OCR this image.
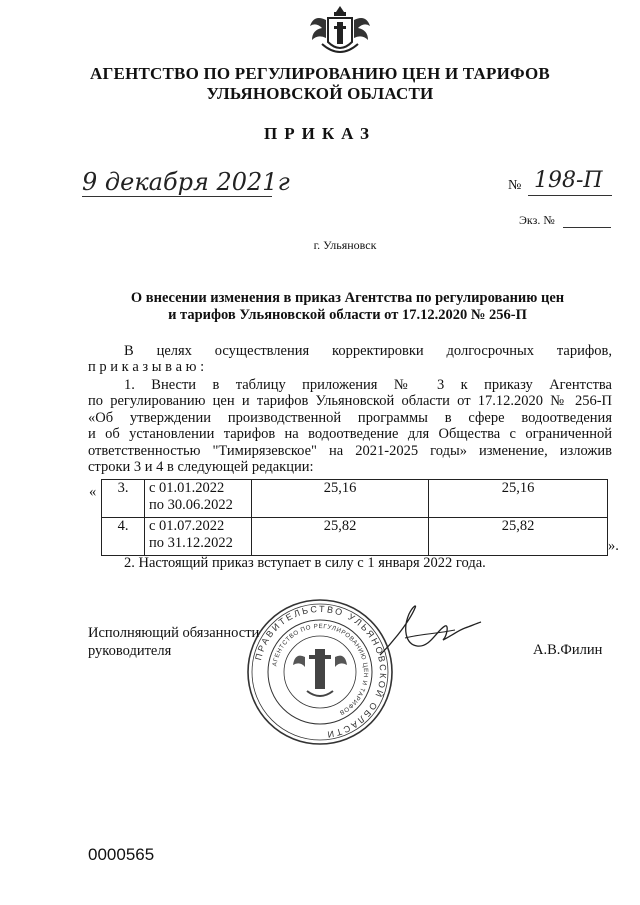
АГЕНТСТВО ПО РЕГУЛИРОВАНИЮ ЦЕН И ТАРИФОВ
УЛЬЯНОВСКОЙ ОБЛАСТИ
ПРИКАЗ
9 декабря 2021г	№ 198-П
Экз. №
г. Ульяновск
О внесении изменения в приказ Агентства по регулированию цен
и тарифов Ульяновской области от 17.12.2020 № 256-П
В целях осуществления корректировки долгосрочных тарифов,
п р и к а з ы в а ю :
1. Внести в таблицу приложения № 3 к приказу Агентства
по регулированию цен и тарифов Ульяновской области от 17.12.2020 № 256-П
«Об утверждении производственной программы в сфере водоотведения
и об установлении тарифов на водоотведение для Общества с ограниченной
ответственностью "Тимирязевское" на 2021-2025 годы» изменение, изложив
строки 3 и 4 в следующей редакции:
« 3.	с 01.01.2022
по 30.06.2022	25,16	25,16
4.	с 01.07.2022
по 31.12.2022	25,82	25,82
».
2. Настоящий приказ вступает в силу с 1 января 2022 года.
ПРАВИТЕЛЬСТВО УЛЬЯНОВСКОЙ ОБЛАСТИ
АГЕНТСТВО ПО РЕГУЛИРОВАНИЮ ЦЕН И ТАРИФОВ
Исполняющий обязанности
руководителя	А.В.Филин
0000565
